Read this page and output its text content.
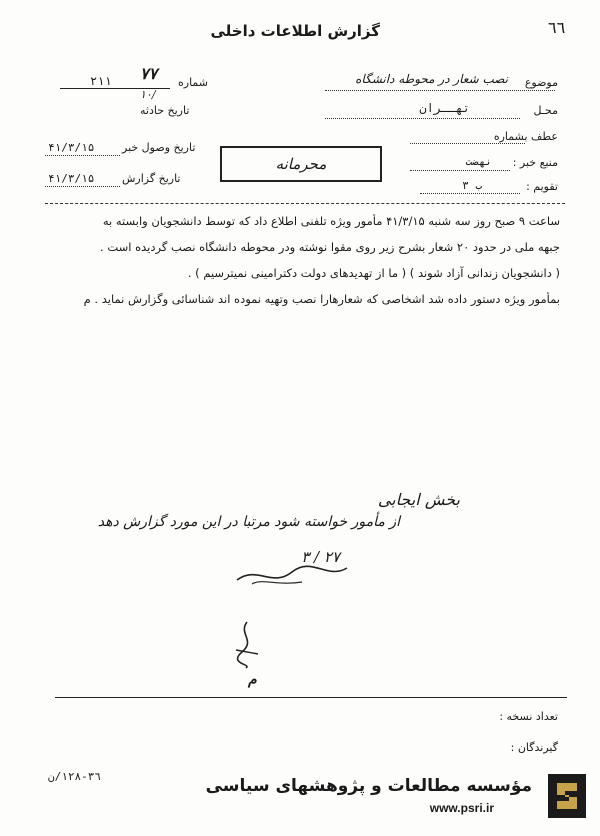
٦٦
گزارش اطلاعات داخلی
موضوع
نصب شعار در محوطه دانشگاه
محـل
تهــران
عطف بشماره
منبع خبر :
نهضت
تقویم :
ب ۳
شماره
۲۱۱ ۷۷
۱۰/
تاریخ حادثه
تاریخ وصول خبر
۴۱/۳/۱۵
تاریخ گزارش
۴۱/۳/۱۵
محرمانه
ساعت ۹ صبح روز سه شنبه ۴۱/۳/۱۵ مأمور ویژه تلفنی اطلاع داد که توسط دانشجویان وابسته به
جبهه ملی در حدود ۲۰ شعار بشرح زیر روی مقوا نوشته ودر محوطه دانشگاه نصب گردیده است .
( دانشجویان زندانی آزاد شوند ) ( ما از تهدیدهای دولت دکترامینی نمیترسیم ) .
بمأمور ویژه دستور داده شد اشخاصی که شعارهارا نصب وتهیه نموده اند شناسائی وگزارش نماید . م
بخش ایجابی
از مأمور خواسته شود مرتبا در این مورد گزارش دهد
۲۷ / ۳
م
تعداد نسخه :
گیرندگان :
٣٦-١٢٨/ن	مؤسسه مطالعات و پژوهشهای سیاسی
www.psri.ir
